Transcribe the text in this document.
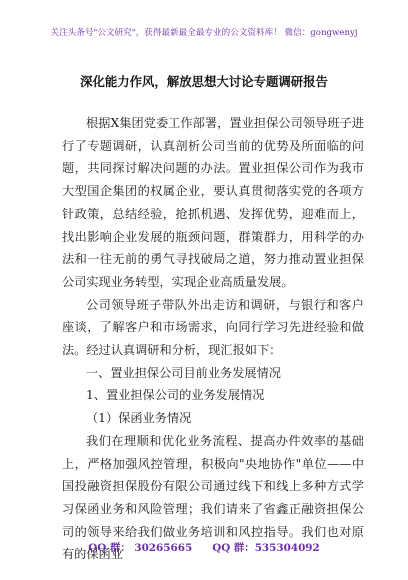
关注头条号"公文研究"，获得最新最全最专业的公文资料库！ 微信：gongwenyj
深化能力作风，解放思想大讨论专题调研报告

根据X集团党委工作部署，置业担保公司领导班子进行了专题调研，认真剖析公司当前的优势及所面临的问题，共同探讨解决问题的办法。置业担保公司作为我市大型国企集团的权属企业，要认真贯彻落实党的各项方针政策，总结经验，抢抓机遇、发挥优势，迎难而上，找出影响企业发展的瓶颈问题，群策群力，用科学的办法和一往无前的勇气寻找破局之道，努力推动置业担保公司实现业务转型，实现企业高质量发展。

公司领导班子带队外出走访和调研，与银行和客户座谈，了解客户和市场需求，向同行学习先进经验和做法。经过认真调研和分析，现汇报如下：

一、置业担保公司目前业务发展情况

1、置业担保公司的业务发展情况

（1）保函业务情况

我们在理顺和优化业务流程、提高办件效率的基础上，严格加强风控管理，积极向"央地协作"单位——中国投融资担保股份有限公司通过线下和线上多种方式学习保函业务和风险管理；我们请来了省鑫正融资担保公司的领导来给我们做业务培训和风控指导。我们也对原有的保函业

QQ 群： 30265665 QQ 群：535304092
